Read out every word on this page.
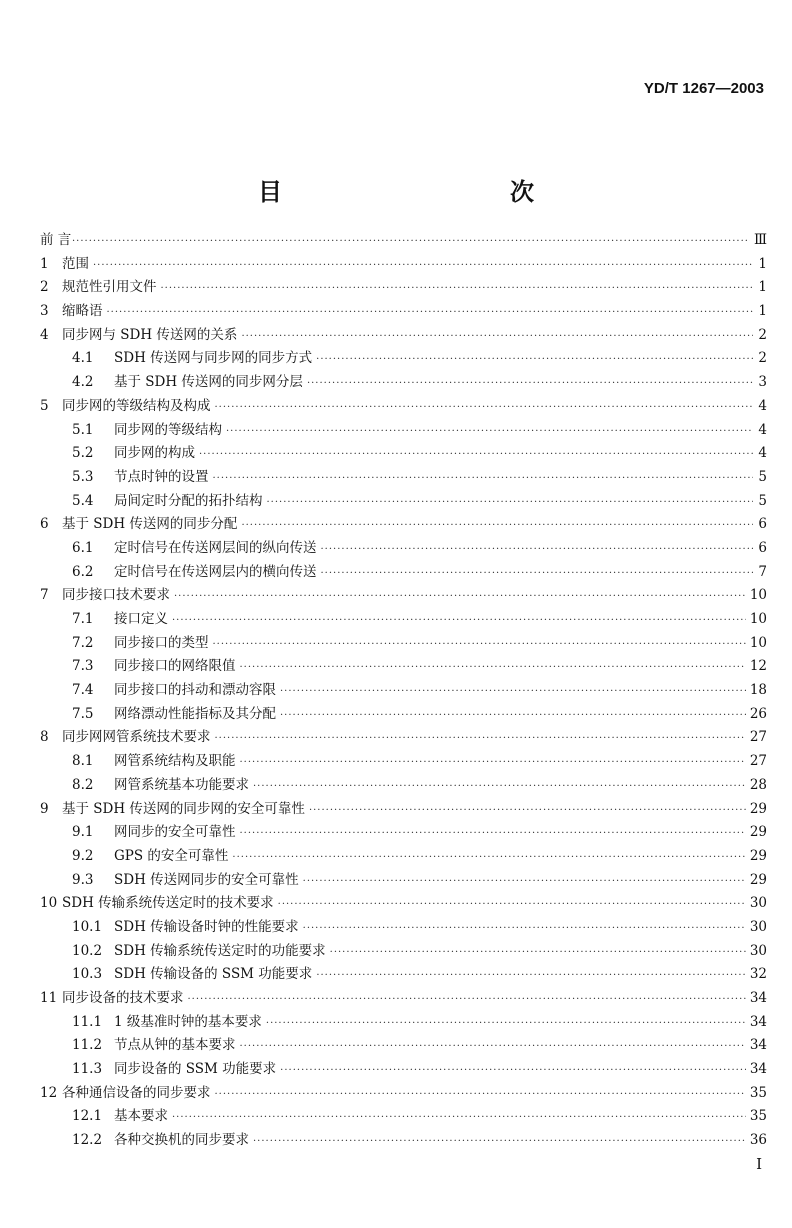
YD/T 1267—2003
目　　次
前 言 ·····	Ⅲ
1 范围 ·····	1
2 规范性引用文件 ·····	1
3 缩略语 ·····	1
4 同步网与 SDH 传送网的关系 ·····	2
4.1	SDH 传送网与同步网的同步方式 ·····	2
4.2	基于 SDH 传送网的同步网分层 ·····	3
5 同步网的等级结构及构成 ·····	4
5.1	同步网的等级结构 ·····	4
5.2	同步网的构成 ·····	4
5.3	节点时钟的设置 ·····	5
5.4	局间定时分配的拓扑结构 ·····	5
6 基于 SDH 传送网的同步分配 ·····	6
6.1	定时信号在传送网层间的纵向传送 ·····	6
6.2	定时信号在传送网层内的横向传送 ·····	7
7 同步接口技术要求 ·····	10
7.1	接口定义 ·····	10
7.2	同步接口的类型 ·····	10
7.3	同步接口的网络限值 ·····	12
7.4	同步接口的抖动和漂动容限 ·····	18
7.5	网络漂动性能指标及其分配 ·····	26
8 同步网网管系统技术要求 ·····	27
8.1	网管系统结构及职能 ·····	27
8.2	网管系统基本功能要求 ·····	28
9 基于 SDH 传送网的同步网的安全可靠性 ·····	29
9.1	网同步的安全可靠性 ·····	29
9.2	GPS 的安全可靠性 ·····	29
9.3	SDH 传送网同步的安全可靠性 ·····	29
10 SDH 传输系统传送定时的技术要求 ·····	30
10.1 SDH 传输设备时钟的性能要求 ·····	30
10.2 SDH 传输系统传送定时的功能要求 ·····	30
10.3 SDH 传输设备的 SSM 功能要求 ·····	32
11 同步设备的技术要求 ·····	34
11.1 1 级基准时钟的基本要求 ·····	34
11.2 节点从钟的基本要求 ·····	34
11.3 同步设备的 SSM 功能要求 ·····	34
12 各种通信设备的同步要求 ·····	35
12.1 基本要求 ·····	35
12.2 各种交换机的同步要求 ·····	36
I
